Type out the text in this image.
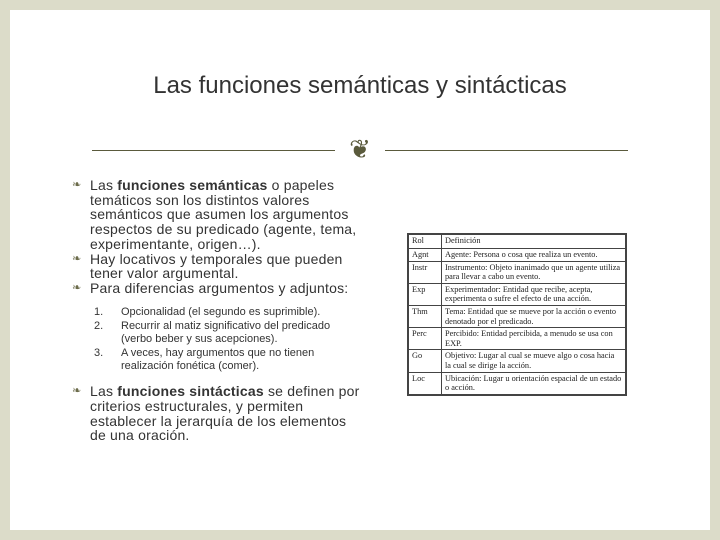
Las funciones semánticas y sintácticas
❦
❧ Las funciones semánticas o papeles temáticos son los distintos valores semánticos que asumen los argumentos respectos de su predicado (agente, tema, experimentante, origen…).
❧ Hay locativos y temporales que pueden tener valor argumental.
❧ Para diferencias argumentos y adjuntos:
1. Opcionalidad (el segundo es suprimible).
2. Recurrir al matiz significativo del predicado (verbo beber y sus acepciones).
3. A veces, hay argumentos que no tienen realización fonética (comer).
❧ Las funciones sintácticas se definen por criterios estructurales, y permiten establecer la jerarquía de los elementos de una oración.
Rol	Definición
Agnt	Agente: Persona o cosa que realiza un evento.
Instr	Instrumento: Objeto inanimado que un agente utiliza para llevar a cabo un evento.
Exp	Experimentador: Entidad que recibe, acepta, experimenta o sufre el efecto de una acción.
Thm	Tema: Entidad que se mueve por la acción o evento denotado por el predicado.
Perc	Percibido: Entidad percibida, a menudo se usa con EXP.
Go	Objetivo: Lugar al cual se mueve algo o cosa hacia la cual se dirige la acción.
Loc	Ubicación: Lugar u orientación espacial de un estado o acción.
